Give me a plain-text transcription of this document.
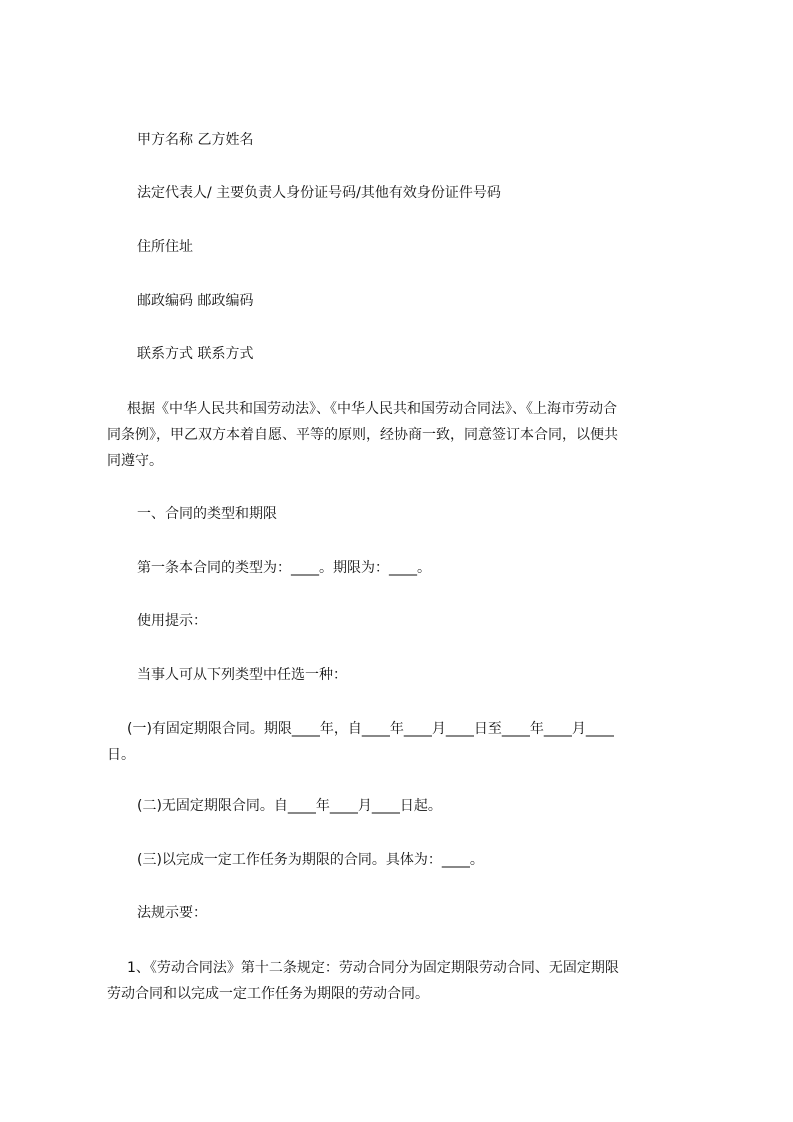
甲方名称 乙方姓名
法定代表人/ 主要负责人身份证号码/其他有效身份证件号码
住所住址
邮政编码 邮政编码
联系方式 联系方式
根据《中华人民共和国劳动法》、《中华人民共和国劳动合同法》、《上海市劳动合
同条例》，甲乙双方本着自愿、平等的原则，经协商一致，同意签订本合同，以便共
同遵守。
一、合同的类型和期限
第一条本合同的类型为：____。期限为：____。
使用提示：
当事人可从下列类型中任选一种：
(一)有固定期限合同。期限____年，自____年____月____日至____年____月____
日。
(二)无固定期限合同。自____年____月____日起。
(三)以完成一定工作任务为期限的合同。具体为：____。
法规示要：
1、《劳动合同法》第十二条规定：劳动合同分为固定期限劳动合同、无固定期限
劳动合同和以完成一定工作任务为期限的劳动合同。
